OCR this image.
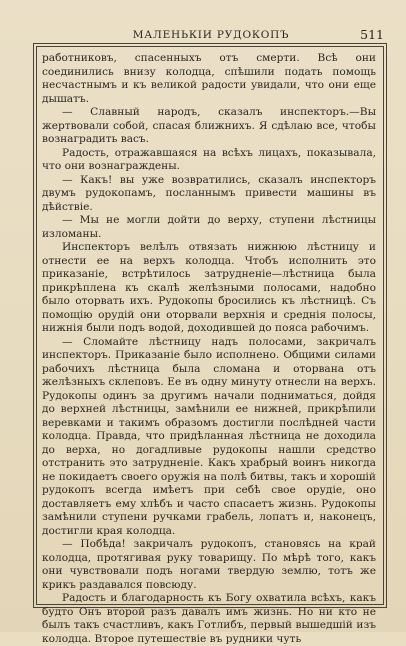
МАЛЕНЬКІИ РУДОКОПЪ	511

работниковъ, спасенныхъ отъ смерти. Всѣ они соединились внизу колодца, спѣшили подать помощь несчастнымъ и къ великой радости увидали, что они еще дышатъ.

— Славный народъ, сказалъ инспекторъ.—Вы жертвовали собой, спасая ближнихъ. Я сдѣлаю все, чтобы вознаградить васъ.

Радость, отражавшаяся на всѣхъ лицахъ, показывала, что они вознаграждены.

— Какъ! вы уже возвратились, сказалъ инспекторъ двумъ рудокопамъ, посланнымъ привести машины въ дѣйствіе.

— Мы не могли дойти до верху, ступени лѣстницы изломаны.

Инспекторъ велѣлъ отвязать нижнюю лѣстницу и отнести ее на верхъ колодца. Чтобъ исполнить это приказаніе, встрѣтилось затрудненіе—лѣстница была прикрѣплена къ скалѣ желѣзными полосами, надобно было оторвать ихъ. Рудокопы бросились къ лѣстницѣ. Съ помощію орудій они оторвали верхнія и среднія полосы, нижнія были подъ водой, доходившей до пояса рабочимъ.

— Сломайте лѣстницу надъ полосами, закричалъ инспекторъ. Приказаніе было исполнено. Общими силами рабочихъ лѣстница была сломана и оторвана отъ желѣзныхъ склеповъ. Ее въ одну минуту отнесли на верхъ. Рудокопы одинъ за другимъ начали подниматься, дойдя до верхней лѣстницы, замѣнили ее нижней, прикрѣпили веревками и такимъ образомъ достигли послѣдней части колодца. Правда, что придѣланная лѣстница не доходила до верха, но догадливые рудокопы нашли средство отстранить это затрудненіе. Какъ храбрый воинъ никогда не покидаетъ своего оружія на полѣ битвы, такъ и хорошій рудокопъ всегда имѣетъ при себѣ свое орудіе, оно доставляетъ ему хлѣбъ и часто спасаетъ жизнь. Рудокопы замѣнили ступени ручками грабель, лопатъ и, наконецъ, достигли края колодца.

— Побѣда! закричалъ рудокопъ, становясь на край колодца, протягивая руку товарищу. По мѣрѣ того, какъ они чувствовали подъ ногами твердую землю, тотъ же крикъ раздавался повсюду.

Радость и благодарность къ Богу охватила всѣхъ, какъ будто Онъ второй разъ давалъ имъ жизнь. Но ни кто не былъ такъ счастливъ, какъ Готлибъ, первый вышедшій изъ колодца. Второе путешествіе въ рудники чуть
